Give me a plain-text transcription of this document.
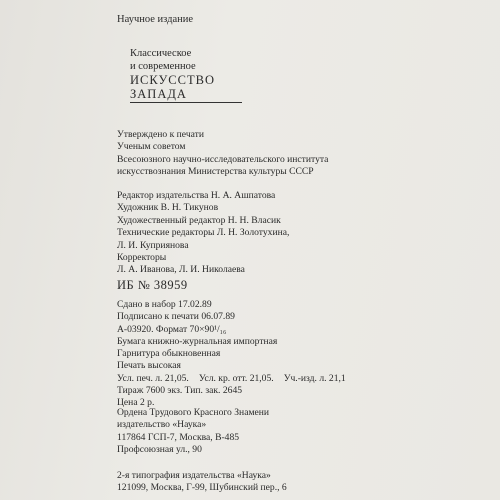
Научное издание
Классическое
и современное
ИСКУССТВО
ЗАПАДА
Утверждено к печати
Ученым советом
Всесоюзного научно-исследовательского института
искусствознания Министерства культуры СССР
Редактор издательства Н. А. Ашпатова
Художник В. Н. Тикунов
Художественный редактор Н. Н. Власик
Технические редакторы Л. Н. Золотухина,
Л. И. Куприянова
Корректоры
Л. А. Иванова, Л. И. Николаева
ИБ № 38959
Сдано в набор 17.02.89
Подписано к печати 06.07.89
А-03920. Формат 70×90¹/₁₆
Бумага книжно-журнальная импортная
Гарнитура обыкновенная
Печать высокая
Усл. печ. л. 21,05. Усл. кр. отт. 21,05. Уч.-изд. л. 21,1
Тираж 7600 экз. Тип. зак. 2645
Цена 2 р.
Ордена Трудового Красного Знамени
издательство «Наука»
117864 ГСП-7, Москва, В-485
Профсоюзная ул., 90
2-я типография издательства «Наука»
121099, Москва, Г-99, Шубинский пер., 6
